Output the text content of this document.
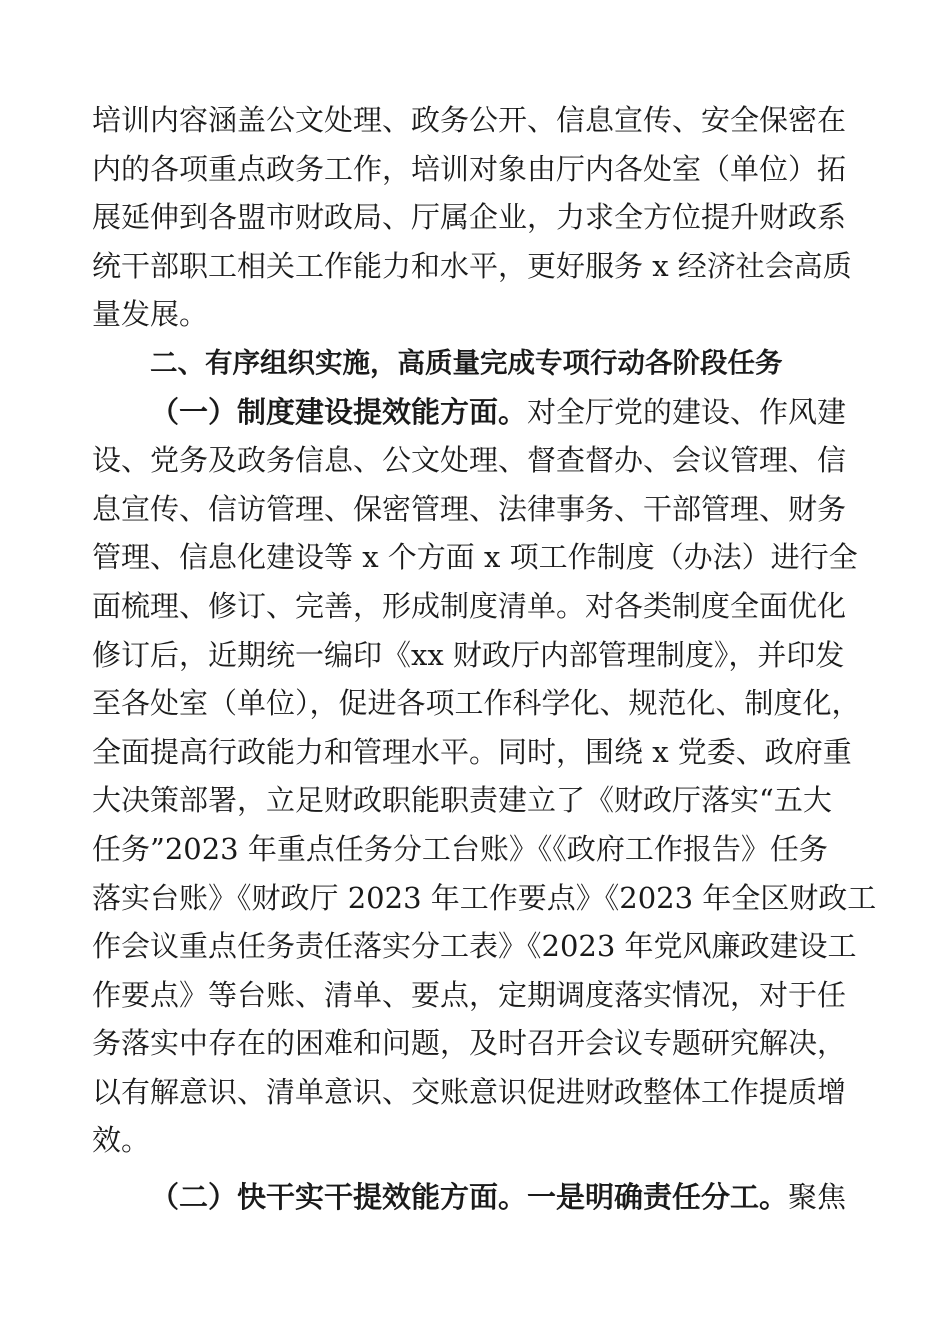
培训内容涵盖公文处理、政务公开、信息宣传、安全保密在
内的各项重点政务工作，培训对象由厅内各处室（单位）拓
展延伸到各盟市财政局、厅属企业，力求全方位提升财政系
统干部职工相关工作能力和水平，更好服务 x 经济社会高质
量发展。
二、有序组织实施，高质量完成专项行动各阶段任务
（一）制度建设提效能方面。 对全厅党的建设、作风建
设、党务及政务信息、公文处理、督查督办、会议管理、信
息宣传、信访管理、保密管理、法律事务、干部管理、财务
管理、信息化建设等 x 个方面 x 项工作制度（办法）进行全
面梳理、修订、完善，形成制度清单。对各类制度全面优化
修订后，近期统一编印《xx 财政厅内部管理制度》，并印发
至各处室（单位），促进各项工作科学化、规范化、制度化，
全面提高行政能力和管理水平。同时，围绕 x 党委、政府重
大决策部署，立足财政职能职责建立了《财政厅落实“五大
任务”2023 年重点任务分工台账》《《政府工作报告》任务
落实台账》《财政厅 2023 年工作要点》《2023 年全区财政工
作会议重点任务责任落实分工表》《2023 年党风廉政建设工
作要点》等台账、清单、要点，定期调度落实情况，对于任
务落实中存在的困难和问题，及时召开会议专题研究解决，
以有解意识、清单意识、交账意识促进财政整体工作提质增
效。
（二）快干实干提效能方面。 一是明确责任分工。 聚焦
